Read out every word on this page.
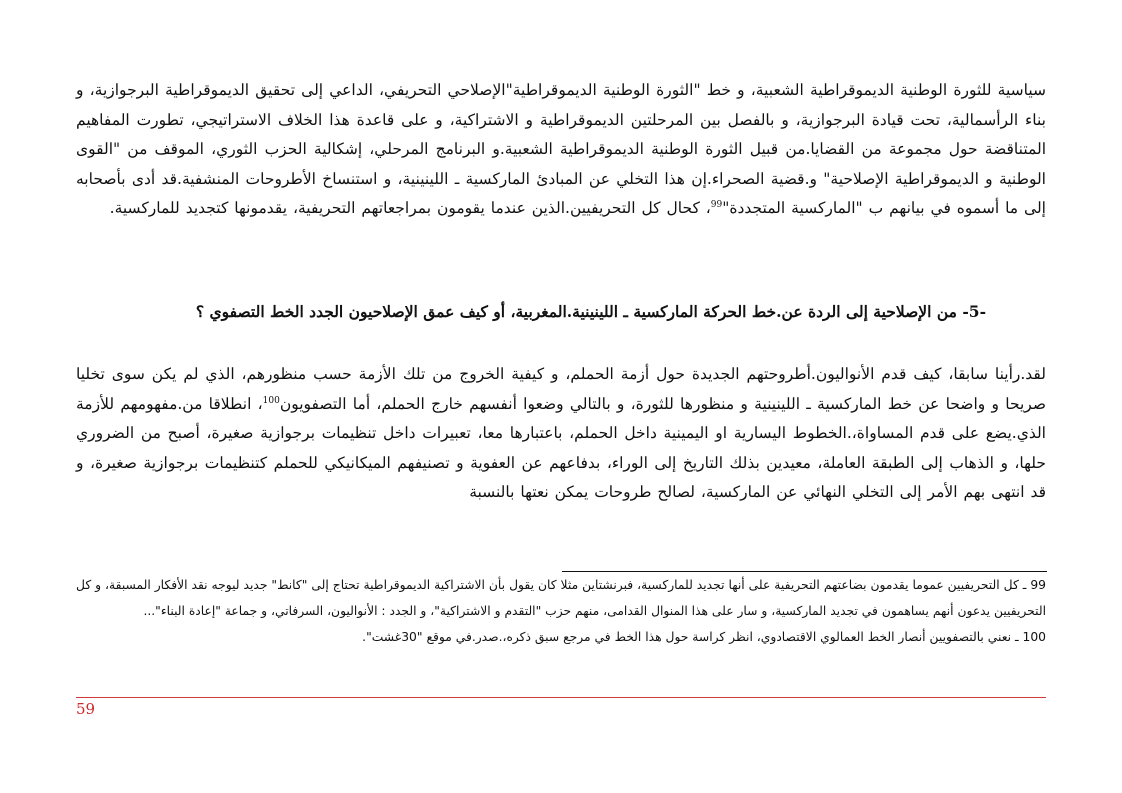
سياسية للثورة الوطنية الديموقراطية الشعبية، و خط "الثورة الوطنية الديموقراطية"الإصلاحي التحريفي، الداعي إلى تحقيق الديموقراطية البرجوازية، و بناء الرأسمالية، تحت قيادة البرجوازية، و بالفصل بين المرحلتين الديموقراطية و الاشتراكية، و على قاعدة هذا الخلاف الاستراتيجي، تطورت المفاهيم المتناقضة حول مجموعة من القضايا.من قبيل الثورة الوطنية الديموقراطية الشعبية.و البرنامج المرحلي، إشكالية الحزب الثوري، الموقف من "القوى الوطنية و الديموقراطية الإصلاحية" و.قضية الصحراء.إن هذا التخلي عن المبادئ الماركسية ـ اللينينية، و استنساخ الأطروحات المنشفية.قد أدى بأصحابه إلى ما أسموه في بيانهم ب "الماركسية المتجددة"$^{99}$، كحال كل التحريفيين.الذين عندما يقومون بمراجعاتهم التحريفية، يقدمونها كتجديد للماركسية.

-5- من الإصلاحية إلى الردة عن.خط الحركة الماركسية ـ اللينينية.المغربية، أو كيف عمق الإصلاحيون الجدد الخط التصفوي ؟

لقد.رأينا سابقا، كيف قدم الأنواليون.أطروحتهم الجديدة حول أزمة الحملم، و كيفية الخروج من تلك الأزمة حسب منظورهم، الذي لم يكن سوى تخليا صريحا و واضحا عن خط الماركسية ـ اللينينية و منظورها للثورة، و بالتالي وضعوا أنفسهم خارج الحملم، أما التصفويون$^{100}$، انطلاقا من.مفهومهم للأزمة الذي.يضع على قدم المساواة،.الخطوط اليسارية او اليمينية داخل الحملم، باعتبارها معا، تعبيرات داخل تنظيمات برجوازية صغيرة، أصبح من الضروري حلها، و الذهاب إلى الطبقة العاملة، معيدين بذلك التاريخ إلى الوراء، بدفاعهم عن العفوية و تصنيفهم الميكانيكي للحملم كتنظيمات برجوازية صغيرة، و قد انتهى بهم الأمر إلى التخلي النهائي عن الماركسية، لصالح طروحات يمكن نعتها بالنسبة

99 ـ كل التحريفيين عموما يقدمون بضاعتهم التحريفية على أنها تجديد للماركسية، فبرنشتاين مثلا كان يقول بأن الاشتراكية الديموقراطية تحتاج إلى "كانط" جديد ليوجه نقد الأفكار المسبقة، و كل التحريفيين يدعون أنهم يساهمون في تجديد الماركسية، و سار على هذا المنوال القدامى، منهم حزب "التقدم و الاشتراكية"، و الجدد : الأنواليون، السرفاتي، و جماعة "إعادة البناء"...

100 ـ نعني بالتصفويين أنصار الخط العمالوي الاقتصادوي، انظر كراسة حول هذا الخط في مرجع سبق ذكره،.صدر.في موقع "30غشت".

59
